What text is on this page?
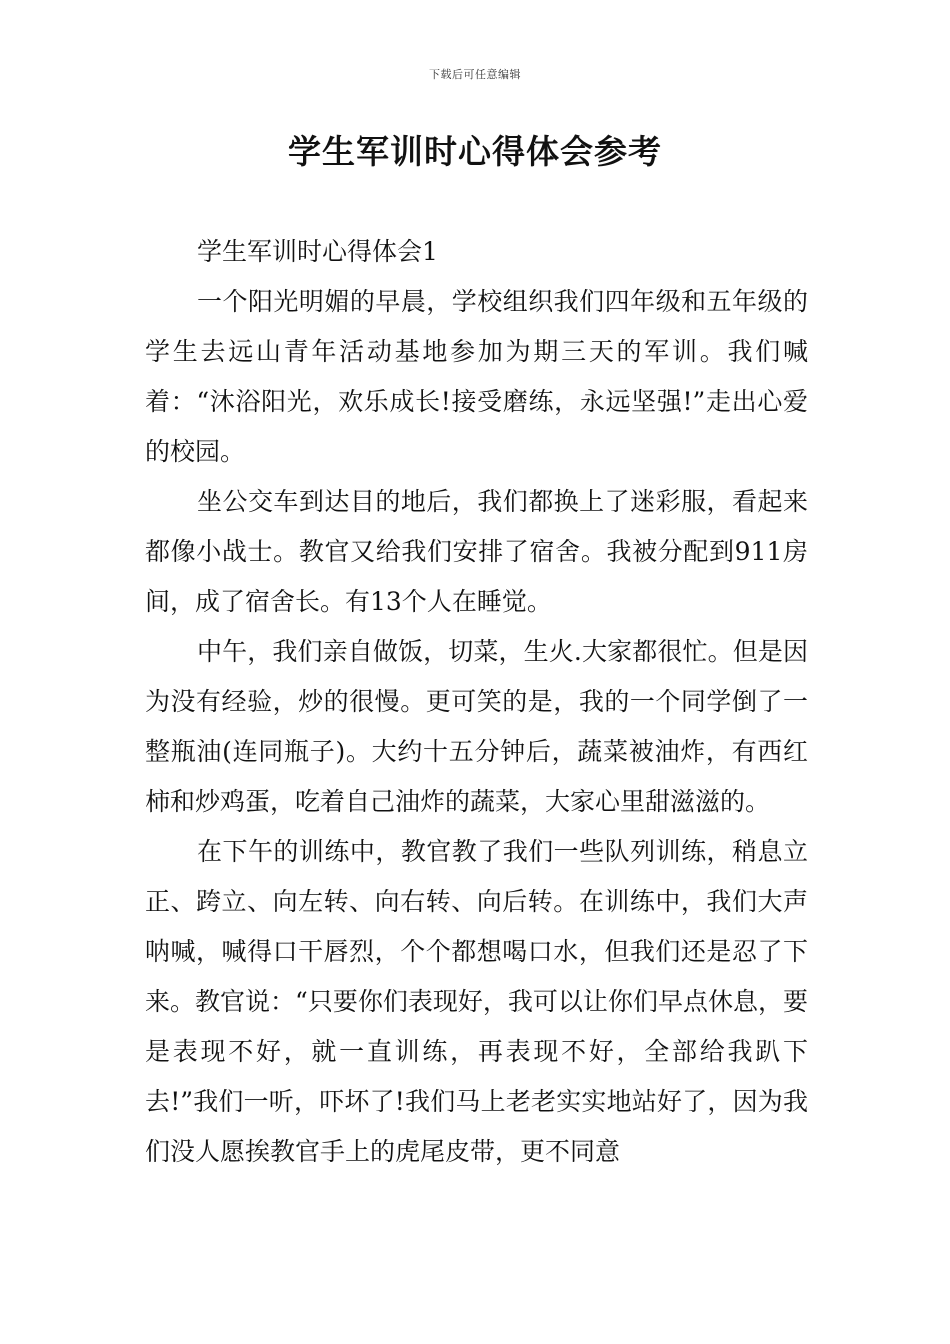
下载后可任意编辑
学生军训时心得体会参考

学生军训时心得体会1

一个阳光明媚的早晨，学校组织我们四年级和五年级的学生去远山青年活动基地参加为期三天的军训。我们喊着：“沐浴阳光，欢乐成长!接受磨练，永远坚强!”走出心爱的校园。

坐公交车到达目的地后，我们都换上了迷彩服，看起来都像小战士。教官又给我们安排了宿舍。我被分配到911房间，成了宿舍长。有13个人在睡觉。

中午，我们亲自做饭，切菜，生火.大家都很忙。但是因为没有经验，炒的很慢。更可笑的是，我的一个同学倒了一整瓶油(连同瓶子)。大约十五分钟后，蔬菜被油炸，有西红柿和炒鸡蛋，吃着自己油炸的蔬菜，大家心里甜滋滋的。

在下午的训练中，教官教了我们一些队列训练，稍息立正、跨立、向左转、向右转、向后转。在训练中，我们大声呐喊，喊得口干唇烈，个个都想喝口水，但我们还是忍了下来。教官说：“只要你们表现好，我可以让你们早点休息，要是表现不好，就一直训练，再表现不好，全部给我趴下去!”我们一听，吓坏了!我们马上老老实实地站好了，因为我们没人愿挨教官手上的虎尾皮带，更不同意
